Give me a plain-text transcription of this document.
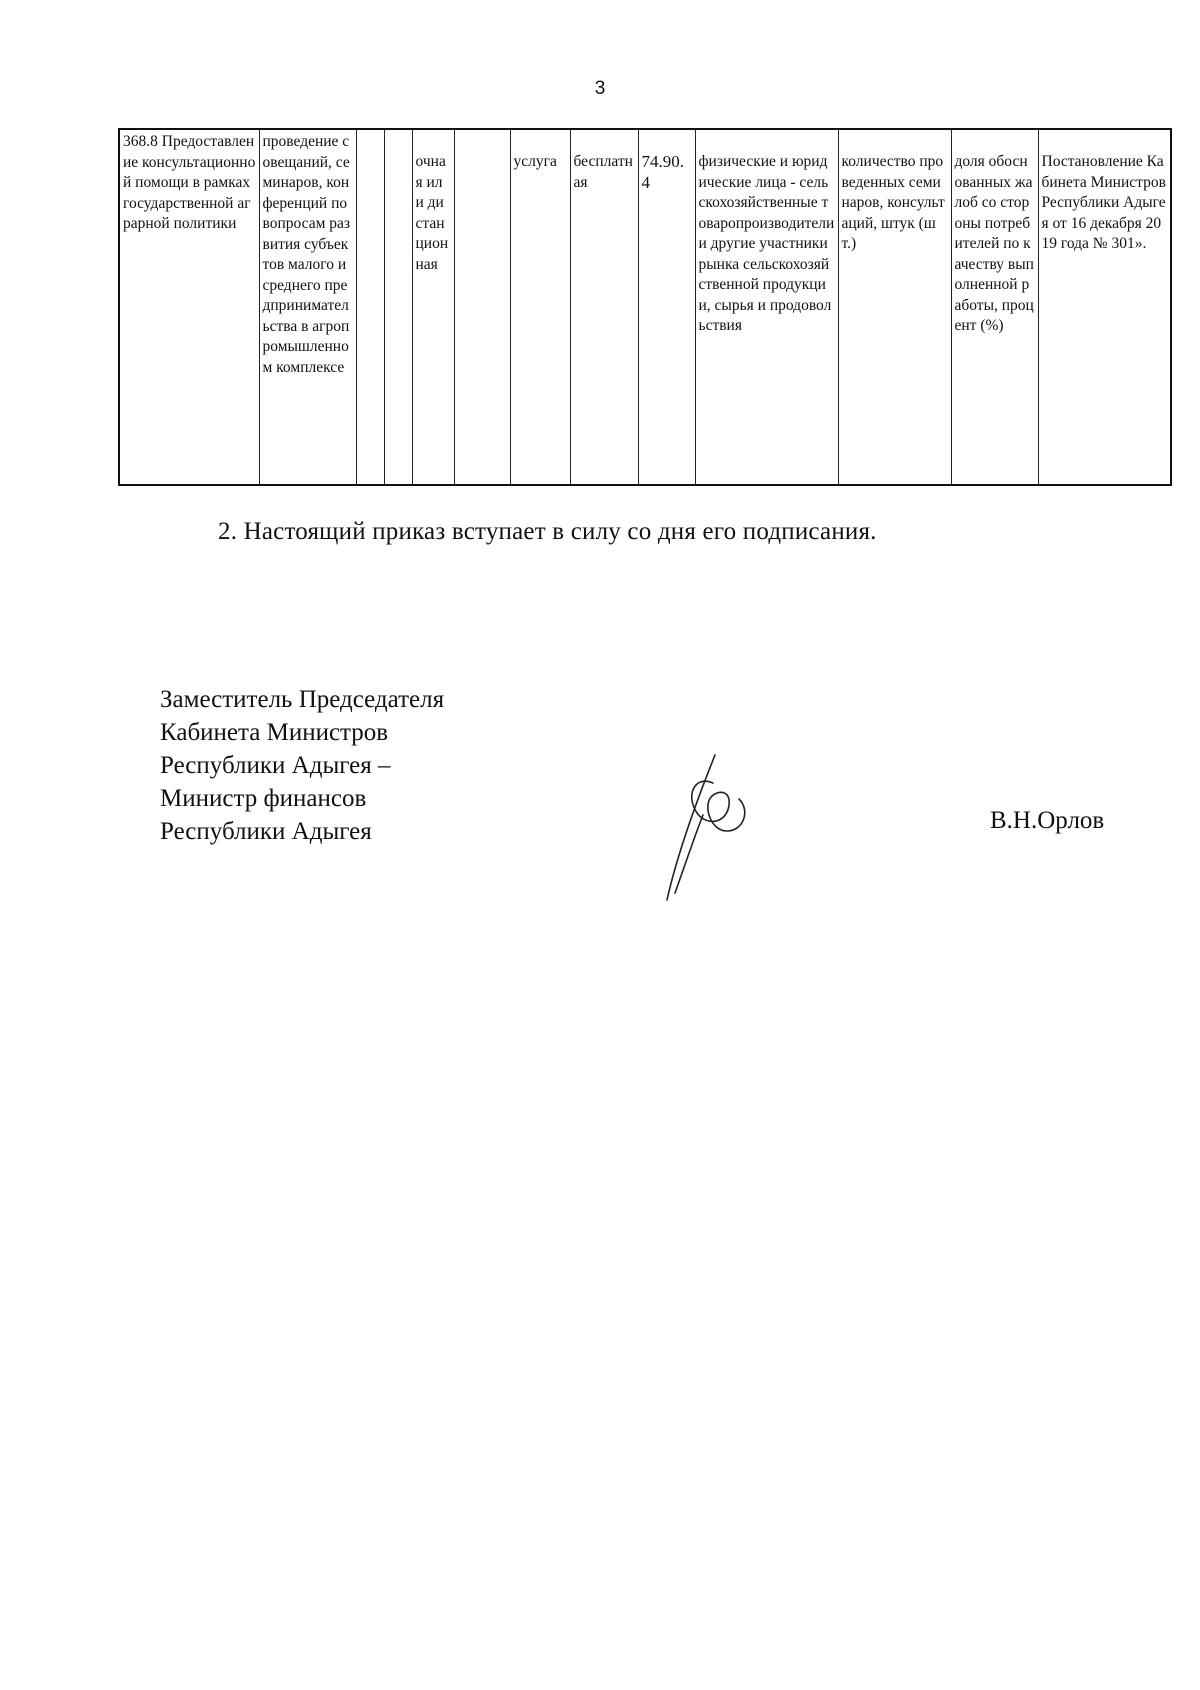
3
368.8 Предоставление консультационной помощи в рамках государственной аграрной политики	проведение совещаний, семинаров, конференций по вопросам развития субъектов малого и среднего предпринимательства в агропромышленном комплексе			очная или дистанционная		услуга	бесплатная	74.90.4	физические и юридические лица - сельскохозяйственные товаропроизводители и другие участники рынка сельскохозяйственной продукции, сырья и продовольствия	количество проведенных семинаров, консультаций, штук (шт.)	доля обоснованных жалоб со стороны потребителей по качеству выполненной работы, процент (%)	Постановление Кабинета Министров Республики Адыгея от 16 декабря 2019 года № 301».
2. Настоящий приказ вступает в силу со дня его подписания.
Заместитель Председателя
Кабинета Министров
Республики Адыгея –
Министр финансов
Республики Адыгея	В.Н.Орлов
